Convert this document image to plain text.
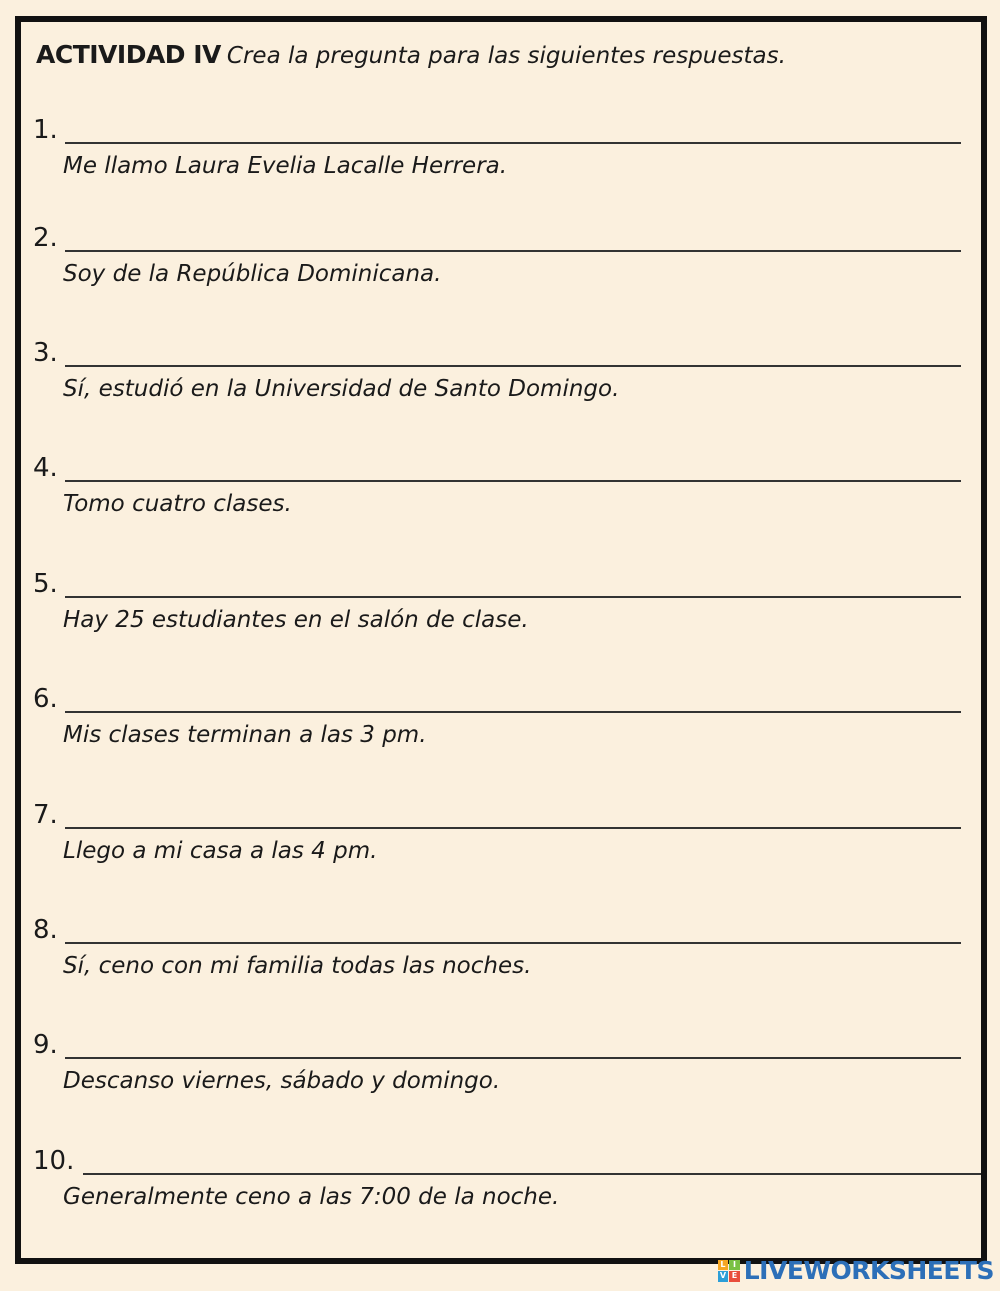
ACTIVIDAD IV Crea la pregunta para las siguientes respuestas.
1.
Me llamo Laura Evelia Lacalle Herrera.
2.
Soy de la República Dominicana.
3.
Sí, estudió en la Universidad de Santo Domingo.
4.
Tomo cuatro clases.
5.
Hay 25 estudiantes en el salón de clase.
6.
Mis clases terminan a las 3 pm.
7.
Llego a mi casa a las 4 pm.
8.
Sí, ceno con mi familia todas las noches.
9.
Descanso viernes, sábado y domingo.
10.
Generalmente ceno a las 7:00 de la noche.
L I
V E LIVEWORKSHEETS
